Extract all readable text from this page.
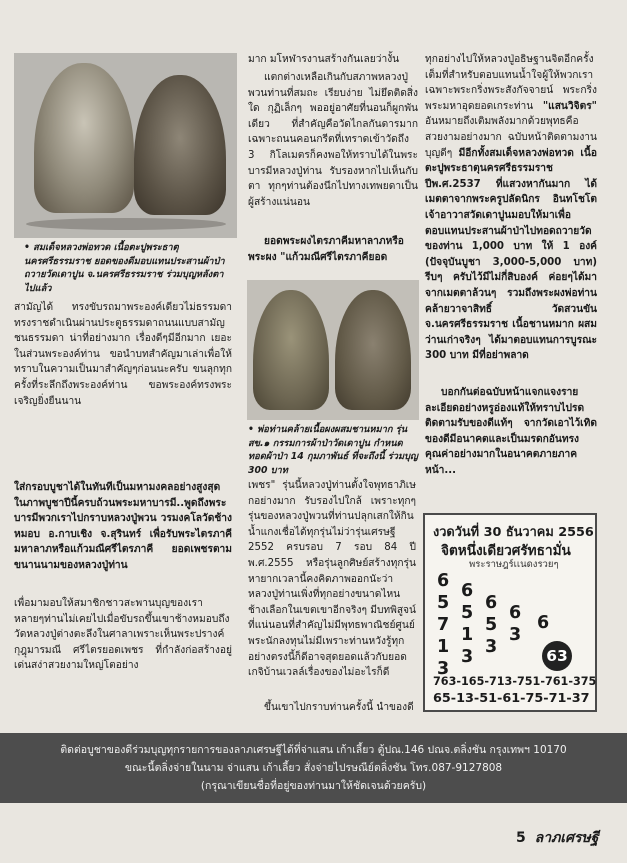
• สมเด็จหลวงพ่อทวด เนื้อตะปูพระธาตุนครศรีธรรมราช ยอดของดีมอบแทนประสานผ้าป่าถวายวัดเดาปูน จ.นครศรีธรรมราช ร่วมบุญหลังตาไปแล้ว
สามัญได้ ทรงขับรถมาพระองค์เดียวไม่ธรรมดา ทรงราชดำเนินผ่านประตูธรรมดาถนนแบบสามัญชนธรรมดา น่าที่อย่างมาก เรื่องดีๆมีอีกมาก เยอะในส่วนพระองค์ท่าน ขอนำบทสำคัญมาเล่าเพื่อให้ทราบในความเป็นมาสำคัญๆก่อนนะครับ ขนลุกทุกครั้งที่ระลึกถึงพระองค์ท่าน ขอพระองค์ทรงพระเจริญยิ่งยืนนาน
ใส่กรอบบูชาได้ในทันทีเป็นมหามงคลอย่างสูงสุดในภาพบูชาปีนี้ครบถ้วนพระมหาบารมี..พูดถึงพระบารมีพวกเราไปกราบหลวงปู่พวน วรมงคโลวัดช้างหมอบ อ.กาบเชิง จ.สุรินทร์ เพื่อรับพระไตรภาคีมหาลาภหรือแก้วมณีศรีไตรภาคี ยอดเพชรตามขนานนามของหลวงปู่ท่าน
เพื่อมามอบให้สมาชิกชาวสะพานบุญของเรา หลายๆท่านไม่เคยไปเมื่อขับรถขึ้นเขาช้างหมอบถึงวัดหลวงปู่ต่างตะลึงในศาลาเพราะเห็นพระปรางค์กุฎุมารมณี ศรีไตรยอดเพชร ที่กำลังก่อสร้างอยู่ เด่นสง่าสวยงามใหญ่โตอย่าง
มาก มโหฬารงานสร้างกันเลยว่างั้น
แตกต่างเหลือเกินกับสภาพหลวงปู่พวนท่านที่สมถะ เรียบง่าย ไม่ยึดติดสิ่งใด กุฏิเล็กๆ พออยู่อาศัยที่นอนก็ผูกพันเดียว ที่สำคัญคือวัดไกลกันดารมาก เฉพาะถนนคอนกรีตที่เทราดเข้าวัดถึง 3 กิโลเมตรก็คงพอให้ทราบได้ในพระบารมีหลวงปู่ท่าน รับรองหากไปเห็นกับตา ทุกๆท่านต้องนึกไปทางเทพยดาเป็นผู้สร้างแน่นอน
ยอดพระผงไตรภาคีมหาลาภหรือพระผง "แก้วมณีศรีไตรภาคียอด
• พ่อท่านคล้ายเนื้อผงผสมชานหมาก รุ่น สข.๑ กรรมการผ้าป่าวัดเดาปูน กำหนดทอดผ้าป่า 14 กุมภาพันธ์ ที่จะถึงนี้ ร่วมบุญ 300 บาท
เพชร" รุ่นนี้หลวงปู่ท่านตั้งใจพุทธาภิเษกอย่างมาก รับรองไปใกล้ เพราะทุกๆรุ่นของหลวงปู่พวนที่ท่านปลุกเสกให้กินน้ำแกงเชื่อได้ทุกรุ่นไม่ว่ารุ่นเศรษฐี 2552 ครบรอบ 7 รอบ 84 ปี พ.ศ.2555 หรือรุ่นลูกศิษย์สร้างทุกรุ่นหายากเวลานี้คงคิดภาพออกนัะว่า หลวงปู่ท่านเพิ่งที่ทุกอย่างขนาดไหนช้างเลือกในเขตเขาอีกจริงๆ มีบทพิสูจน์ที่แน่นอนที่สำคัญไม่มีพุทธพาณิชย์ศูนย์พระนักลงทุนไม่มีเพราะท่านหวังรู้ทุกอย่างตรงนี้ก็ดีอาจสุดยอดแล้วกับยอดเกจิบ้านเวลล์เรื่องของไม่อะไรก็ดี
ขึ้นเขาไปกราบท่านครั้งนี้ นำของดี
ทุกอย่างไปให้หลวงปู่อธิษฐานจิตอีกครั้ง เต็มที่สำหรับตอบแทนน้ำใจผู้ให้พวกเราเฉพาะพระกริ่งพระสังกัจจายน์ พระกริ่งพระมหาอุดยอดเกระท่าน "แสนวิจิตร" อันหมายถึงเติมพลังมากด้วยพุทธคือ สวยงามอย่างมาก ฉบับหน้าติดตามงานบุญดีๆ มีอีกทั้งสมเด็จหลวงพ่อทวด เนื้อตะปูพระธาตุนครศรีธรรมราช ปีพ.ศ.2537 ที่แสวงหากันมาก ได้เมตตาจากพระครูปลัดนิกร อินทโชโต เจ้าอาวาสวัดเดาปูนมอบให้มาเพื่อตอบแทนประสานผ้าป่าไปทอดถวายวัดของท่าน 1,000 บาท ให้ 1 องค์ (ปัจจุบันบูชา 3,000-5,000 บาท) รีบๆ ครับไว้มีไม่กี่สิบองค์ ค่อยๆได้มาจากเมตตาล้วนๆ รวมถึงพระผงพ่อท่านคล้ายวาจาสิทธิ์ วัดสวนขัน จ.นครศรีธรรมราช เนื้อชานหมาก ผสมว่านเก่าจริงๆ ได้มาตอบแทนการบูรณะ 300 บาท มีที่อย่าพลาด
บอกกันต่อฉบับหน้าแจกแจงรายละเอียดอย่างหรูอ่องแท้ให้ทราบไปรดติดตามรับของดีแท้ๆ จากวัดเอาไว้เทิดของดีมีอนาคตและเป็นมรดกอันทรงคุณค่าอย่างมากในอนาคตภายภาคหน้า...
งวดวันที่ 30 ธันวาคม 2556
จิตหนึ่งเดียวศรัทธามั่น
พระราษฎร์เเนดงรวยๆ
6
5
7
1
3
6
5
1
3
6
5
3
6
3
6
63
763-165-713-751-761-375
65-13-51-61-75-71-37
ติดต่อบูชาของดีร่วมบุญทุกรายการของลาภเศรษฐีได้ที่จ่าแสน เก้าเลี้ยว ตู้ปณ.146 ปณจ.ตลิ่งชัน กรุงเทพฯ 10170
ขณะนี้ตลิ่งจ่ายในนาม จ่าแสน เก้าเลี้ยว สั่งจ่ายไปรษณีย์ตลิ่งชัน โทร.087-9127808
(กรุณาเขียนชื่อที่อยู่ของท่านมาให้ชัดเจนด้วยครับ)
5 ลาภเศรษฐี
